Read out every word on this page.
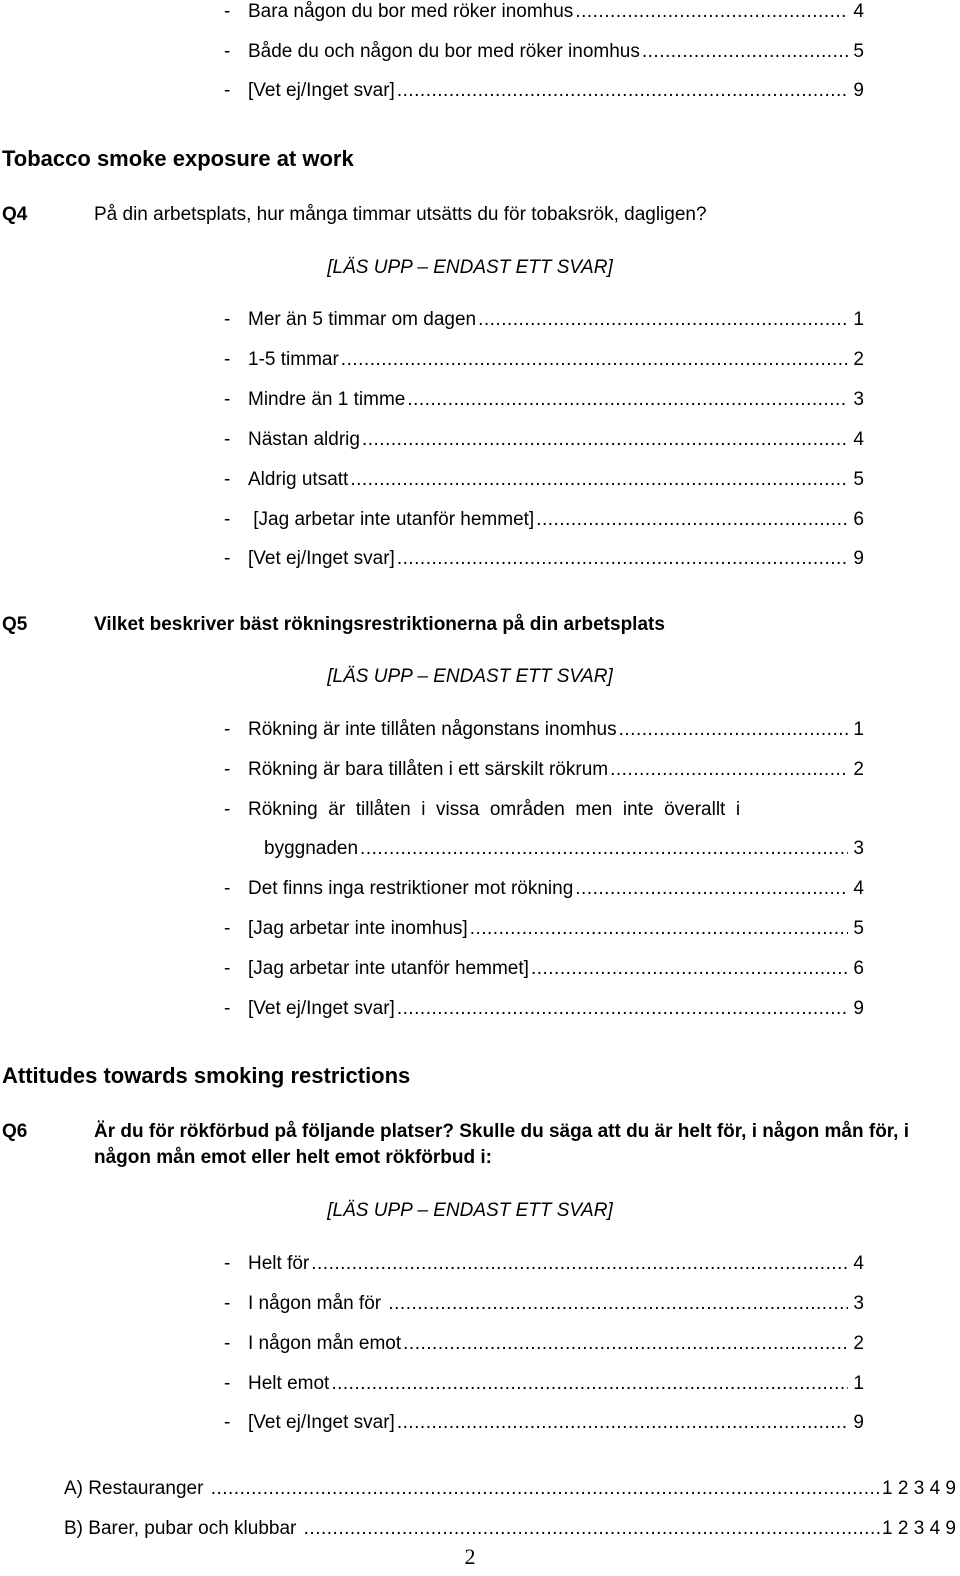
- Bara någon du bor med röker inomhus .....	4
- Både du och någon du bor med röker inomhus .....	5
- [Vet ej/Inget svar] .....	9
Tobacco smoke exposure at work
Q4	På din arbetsplats, hur många timmar utsätts du för tobaksrök, dagligen?
[LÄS UPP – ENDAST ETT SVAR]
- Mer än 5 timmar om dagen .....	1
- 1-5 timmar .....	2
- Mindre än 1 timme .....	3
- Nästan aldrig .....	4
- Aldrig utsatt .....	5
- [Jag arbetar inte utanför hemmet] .....	6
- [Vet ej/Inget svar] .....	9
Q5	Vilket beskriver bäst rökningsrestriktionerna på din arbetsplats
[LÄS UPP – ENDAST ETT SVAR]
- Rökning är inte tillåten någonstans inomhus .....	1
- Rökning är bara tillåten i ett särskilt rökrum .....	2
- Rökning  är  tillåten  i  vissa  områden  men  inte  överallt  i
byggnaden .....	3
- Det finns inga restriktioner mot rökning .....	4
- [Jag arbetar inte inomhus] .....	5
- [Jag arbetar inte utanför hemmet] .....	6
- [Vet ej/Inget svar] .....	9
Attitudes towards smoking restrictions
Q6	Är du för rökförbud på följande platser? Skulle du säga att du är helt för, i någon mån för, i
någon mån emot eller helt emot rökförbud i:
[LÄS UPP – ENDAST ETT SVAR]
- Helt för .....	4
- I någon mån för .....	3
- I någon mån emot .....	2
- Helt emot .....	1
- [Vet ej/Inget svar] .....	9
A) Restauranger .....	1 2 3 4 9
B) Barer, pubar och klubbar .....	1 2 3 4 9
2
